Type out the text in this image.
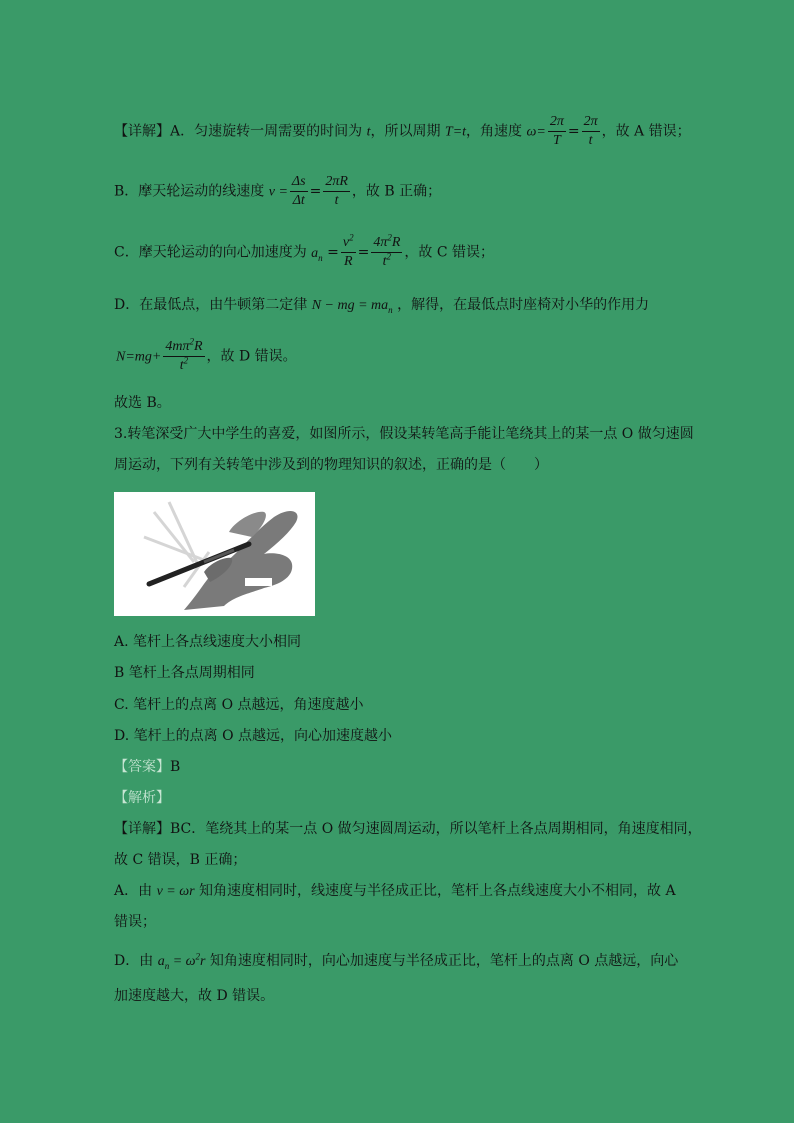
【详解】A．匀速旋转一周需要的时间为 t，所以周期 T=t，角速度 $\omega= \frac{2\pi}{T} = \frac{2\pi}{t}$ ，故 A 错误；
B．摩天轮运动的线速度 $v = \frac{\Delta s}{\Delta t} = \frac{2\pi R}{t}$ ，故 B 正确；
C．摩天轮运动的向心加速度为 $a_n = \frac{v^2}{R} = \frac{4\pi^2R}{t^2}$ ，故 C 错误；
D．在最低点，由牛顿第二定律 N − mg = $ma_n$ ，解得，在最低点时座椅对小华的作用力
$N=mg+ \frac{4m\pi^2R}{t^2}$ ，故 D 错误。
故选 B。
3.转笔深受广大中学生的喜爱，如图所示，假设某转笔高手能让笔绕其上的某一点 O 做匀速圆
周运动，下列有关转笔中涉及到的物理知识的叙述，正确的是（　　）
A. 笔杆上各点线速度大小相同
B 笔杆上各点周期相同
C. 笔杆上的点离 O 点越远，角速度越小
D. 笔杆上的点离 O 点越远，向心加速度越小
【答案】B
【解析】
【详解】BC．笔绕其上的某一点 O 做匀速圆周运动，所以笔杆上各点周期相同，角速度相同，
故 C 错误，B 正确；
A．由 v = ωr 知角速度相同时，线速度与半径成正比，笔杆上各点线速度大小不相同，故 A
错误；
D．由 $a_n = \omega^2r$ 知角速度相同时，向心加速度与半径成正比，笔杆上的点离 O 点越远，向心
加速度越大，故 D 错误。
